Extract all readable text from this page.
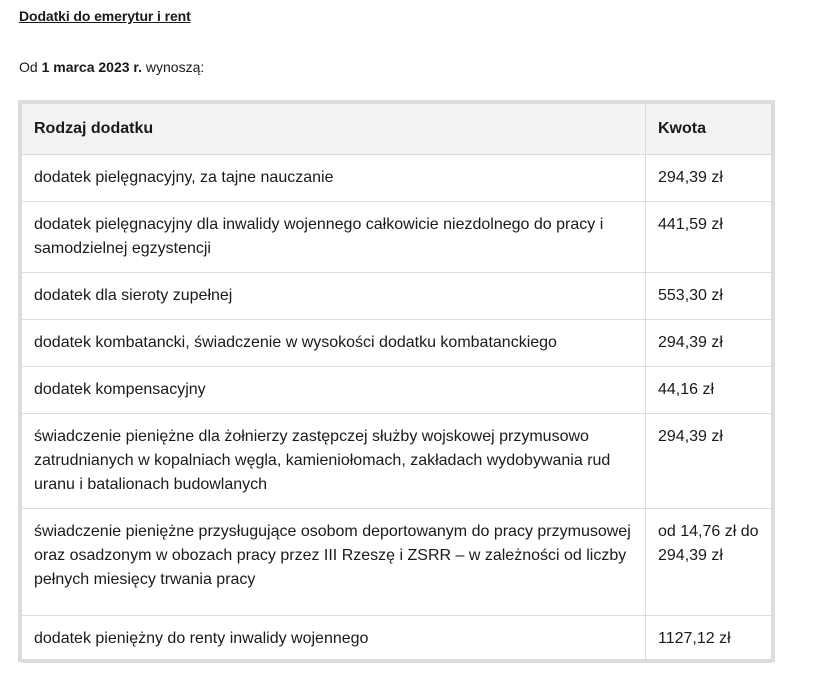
Dodatki do emerytur i rent
Od 1 marca 2023 r. wynoszą:
Rodzaj dodatku	Kwota
dodatek pielęgnacyjny, za tajne nauczanie	294,39 zł
dodatek pielęgnacyjny dla inwalidy wojennego całkowicie niezdolnego do pracy i samodzielnej egzystencji	441,59 zł
dodatek dla sieroty zupełnej	553,30 zł
dodatek kombatancki, świadczenie w wysokości dodatku kombatanckiego	294,39 zł
dodatek kompensacyjny	44,16 zł
świadczenie pieniężne dla żołnierzy zastępczej służby wojskowej przymusowo zatrudnianych w kopalniach węgla, kamieniołomach, zakładach wydobywania rud uranu i batalionach budowlanych	294,39 zł
świadczenie pieniężne przysługujące osobom deportowanym do pracy przymusowej oraz osadzonym w obozach pracy przez III Rzeszę i ZSRR – w zależności od liczby pełnych miesięcy trwania pracy	od 14,76 zł do 294,39 zł
dodatek pieniężny do renty inwalidy wojennego	1127,12 zł
